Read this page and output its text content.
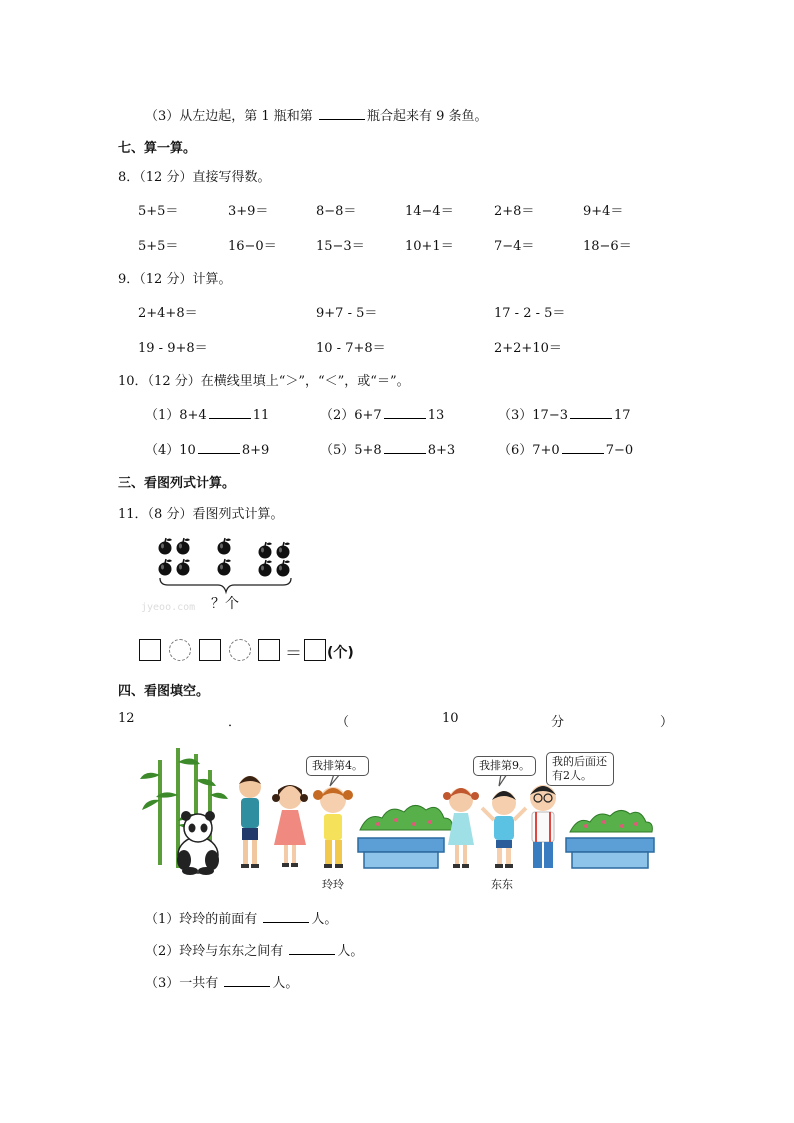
（3）从左边起，第 1 瓶和第	瓶合起来有 9 条鱼。
七、算一算。
8．（12 分）直接写得数。
5+5＝	3+9＝	8−8＝	14−4＝	2+8＝	9+4＝
5+5＝	16−0＝	15−3＝	10+1＝	7−4＝	18−6＝
9．（12 分）计算。
2+4+8＝	9+7 - 5＝	17 - 2 - 5＝
19 - 9+8＝	10 - 7+8＝	2+2+10＝
10．（12 分）在横线里填上“＞”，“＜”，或“＝”。
（1）8+4	11	（2）6+7	13	（3）17−3	17
（4）10	8+9	（5）5+8	8+3	（6）7+0	7−0
三、看图列式计算。
11．（8 分）看图列式计算。
jyeoo.com ？个
＝ (个)
四、看图填空。
12	．	（	10	分	）
我排第4。	我排第9。	我的后面还有2人。
玲玲	东东
（1）玲玲的前面有	人。
（2）玲玲与东东之间有	人。
（3）一共有	人。
